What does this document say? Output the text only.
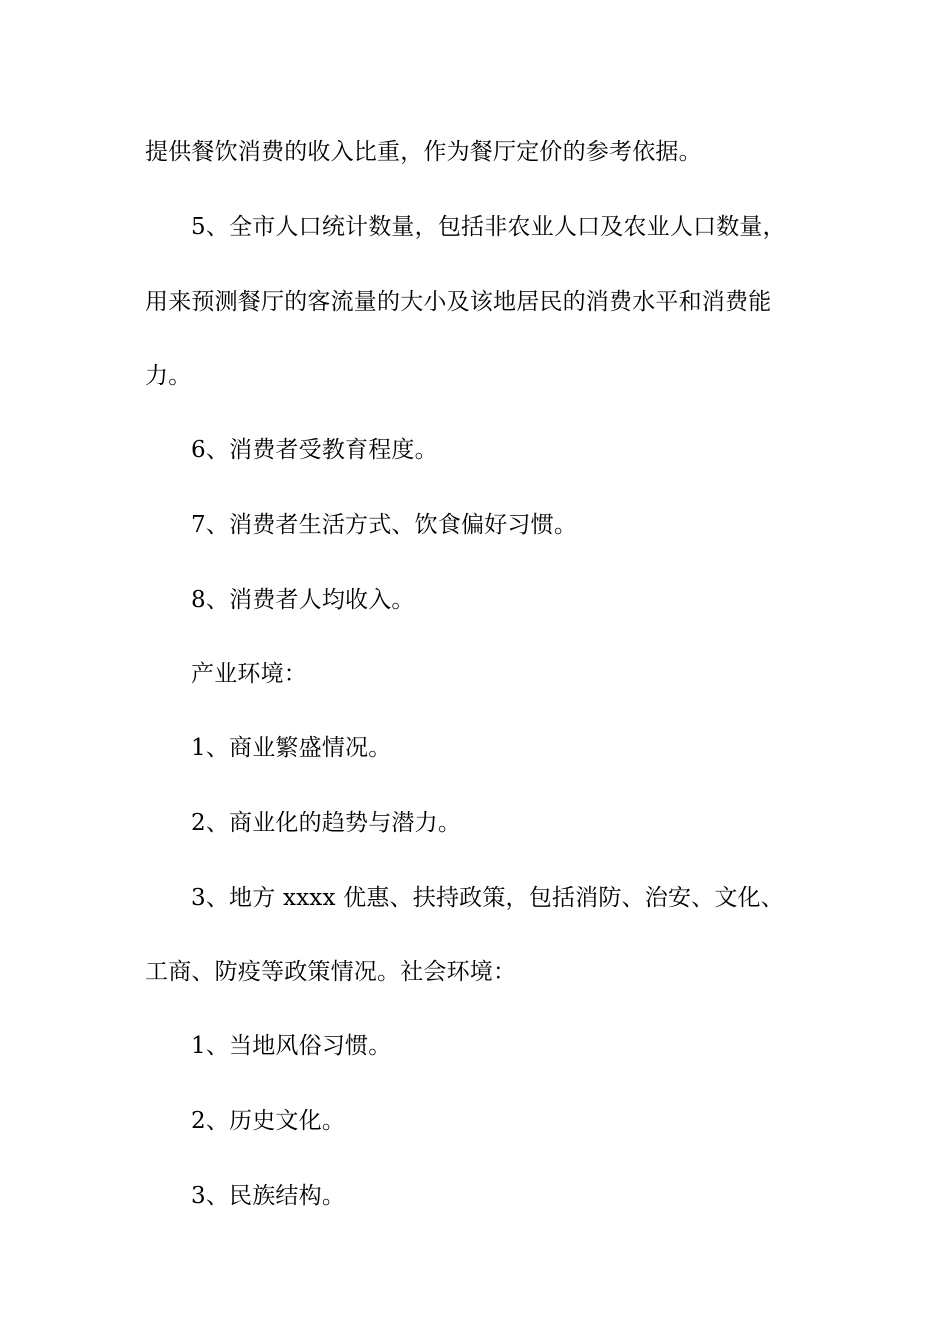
提供餐饮消费的收入比重，作为餐厅定价的参考依据。
5、全市人口统计数量，包括非农业人口及农业人口数量，
用来预测餐厅的客流量的大小及该地居民的消费水平和消费能
力。
6、消费者受教育程度。
7、消费者生活方式、饮食偏好习惯。
8、消费者人均收入。
产业环境：
1、商业繁盛情况。
2、商业化的趋势与潜力。
3、地方 xxxx 优惠、扶持政策，包括消防、治安、文化、
工商、防疫等政策情况。社会环境：
1、当地风俗习惯。
2、历史文化。
3、民族结构。
